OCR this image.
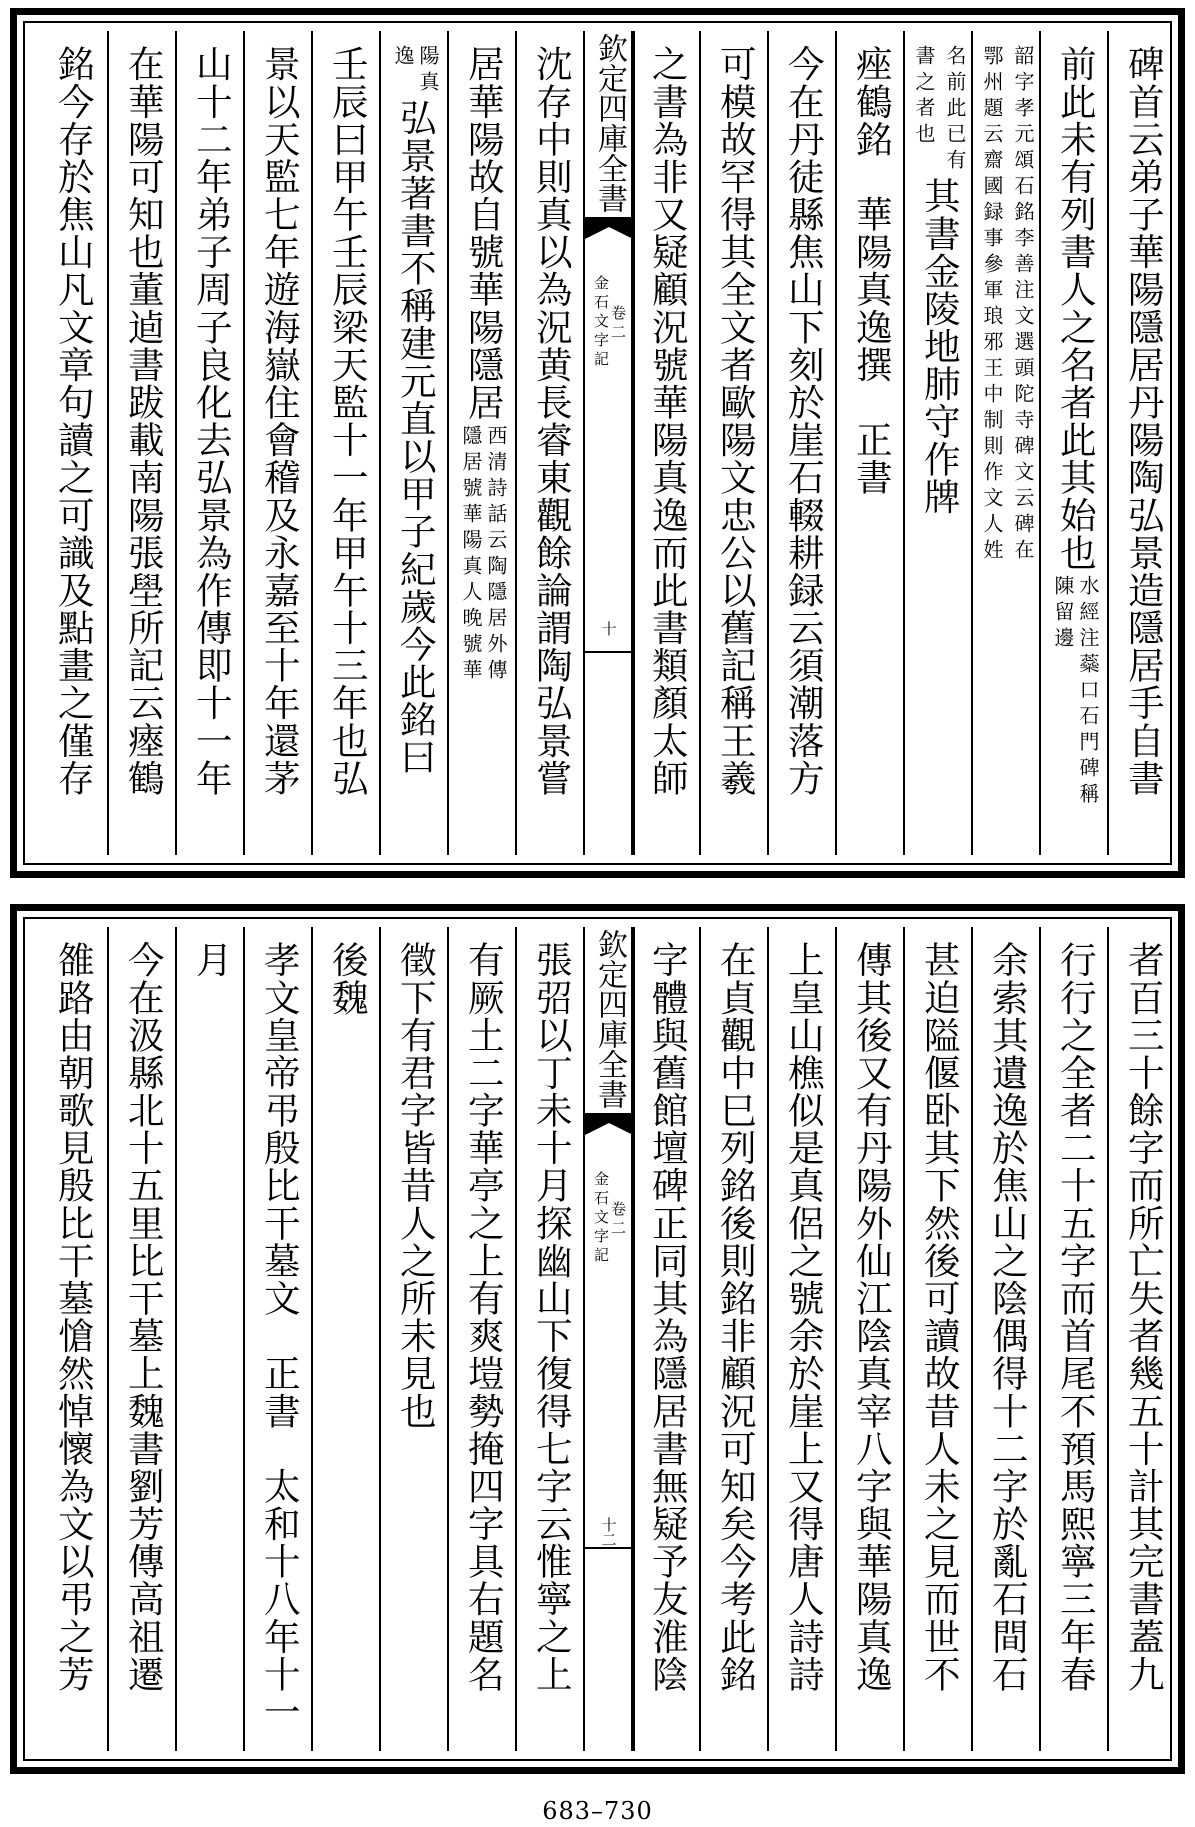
碑首云弟子華陽隱居丹陽陶弘景造隱居手自書
前此未有列書人之名者此其始也
陳留邊 水經注蘂口石門碑稱
鄂州題云齋國録事參軍琅邪王中制則作文人姓 韶字孝元頌石銘李善注文選頭陀寺碑文云碑在
書之者也 名前此已有
其書金陵地肺守作牌
痤鶴銘　華陽真逸撰　正書
今在丹徒縣焦山下刻於崖石輟耕録云須潮落方
可模故罕得其全文者歐陽文忠公以舊記稱王羲
之書為非又疑顧況號華陽真逸而此書類顏太師
欽定四庫全書
金石文字記 卷二
十
沈存中則真以為況黄長睿東觀餘論謂陶弘景嘗
居華陽故自號華陽隱居
隱居號華陽真人晚號華 西清詩話云陶隱居外傳
逸 陽真
弘景著書不稱建元直以甲子紀歲今此銘曰
壬辰曰甲午壬辰梁天監十一年甲午十三年也弘
景以天監七年遊海嶽住會稽及永嘉至十年還茅
山十二年弟子周子良化去弘景為作傳即十一年
在華陽可知也董逌書跋載南陽張壆所記云瘞鶴
銘今存於焦山凡文章句讀之可識及點畫之僅存
者百三十餘字而所亡失者幾五十計其完書蓋九
行行之全者二十五字而首尾不預馬熙寧三年春
余索其遺逸於焦山之陰偶得十二字於亂石間石
甚迫隘偃卧其下然後可讀故昔人未之見而世不
傳其後又有丹陽外仙江陰真宰八字與華陽真逸
上皇山樵似是真侶之號余於崖上又得唐人詩詩
在貞觀中巳列銘後則銘非顧況可知矣今考此銘
字體與舊館壇碑正同其為隱居書無疑予友淮陰
欽定四庫全書
金石文字記 卷二
十二
張弨以丁未十月探幽山下復得七字云惟寧之上
有厥土二字華亭之上有爽塏勢掩四字具右題名
徵下有君字皆昔人之所未見也
後魏
孝文皇帝弔殷比干墓文　正書　太和十八年十一
月
今在汲縣北十五里比干墓上魏書劉芳傳高祖遷
雒路由朝歌見殷比干墓愴然悼懷為文以弔之芳
683–730
